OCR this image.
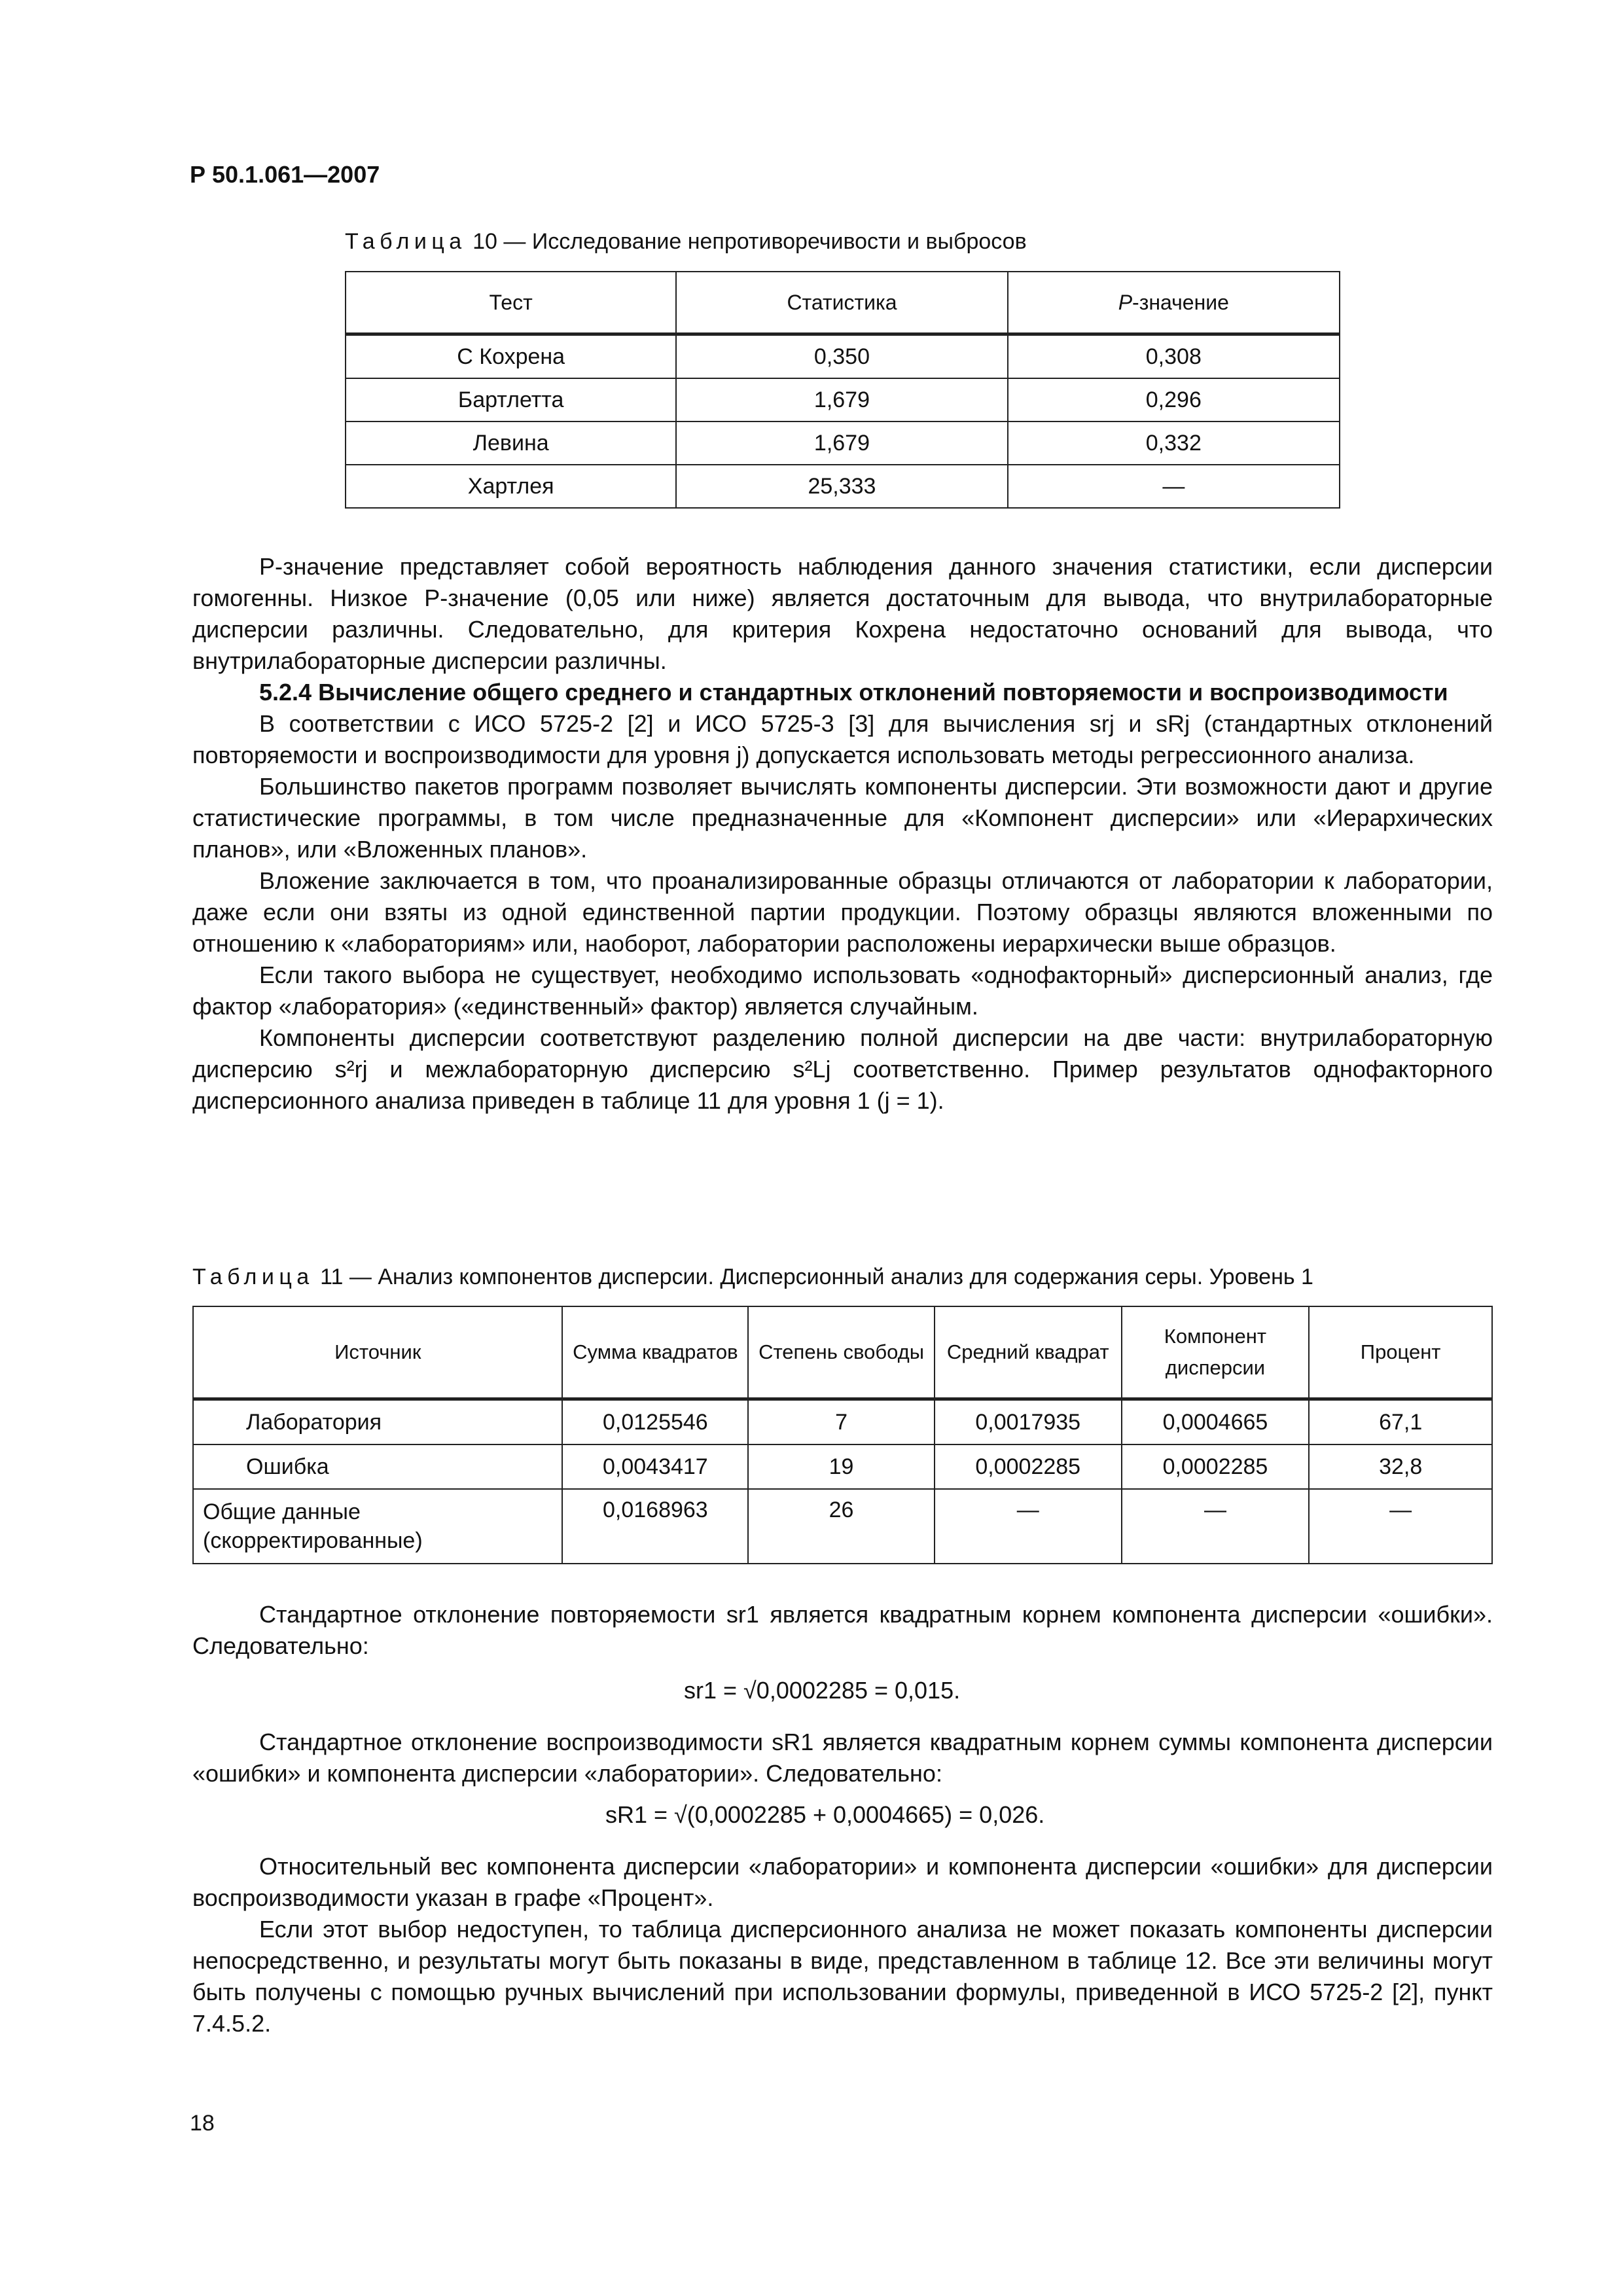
Р 50.1.061—2007
Таблица 10 — Исследование непротиворечивости и выбросов
Тест	Статистика	P-значение
С Кохрена	0,350	0,308
Бартлетта	1,679	0,296
Левина	1,679	0,332
Хартлея	25,333	—

P-значение представляет собой вероятность наблюдения данного значения статистики, если дисперсии гомогенны. Низкое P-значение (0,05 или ниже) является достаточным для вывода, что внутрилабораторные дисперсии различны. Следовательно, для критерия Кохрена недостаточно оснований для вывода, что внутрилабораторные дисперсии различны.

5.2.4 Вычисление общего среднего и стандартных отклонений повторяемости и воспроизводимости

В соответствии с ИСО 5725-2 [2] и ИСО 5725-3 [3] для вычисления srj и sRj (стандартных отклонений повторяемости и воспроизводимости для уровня j) допускается использовать методы регрессионного анализа.

Большинство пакетов программ позволяет вычислять компоненты дисперсии. Эти возможности дают и другие статистические программы, в том числе предназначенные для «Компонент дисперсии» или «Иерархических планов», или «Вложенных планов».

Вложение заключается в том, что проанализированные образцы отличаются от лаборатории к лаборатории, даже если они взяты из одной единственной партии продукции. Поэтому образцы являются вложенными по отношению к «лабораториям» или, наоборот, лаборатории расположены иерархически выше образцов.

Если такого выбора не существует, необходимо использовать «однофакторный» дисперсионный анализ, где фактор «лаборатория» («единственный» фактор) является случайным.

Компоненты дисперсии соответствуют разделению полной дисперсии на две части: внутрилабораторную дисперсию s²rj и межлабораторную дисперсию s²Lj соответственно. Пример результатов однофакторного дисперсионного анализа приведен в таблице 11 для уровня 1 (j = 1).

Таблица 11 — Анализ компонентов дисперсии. Дисперсионный анализ для содержания серы. Уровень 1
Источник	Сумма квадратов	Степень свободы	Средний квадрат	Компонент дисперсии	Процент
Лаборатория	0,0125546	7	0,0017935	0,0004665	67,1
Ошибка	0,0043417	19	0,0002285	0,0002285	32,8
Общие данные (скорректированные)	0,0168963	26	—	—	—

Стандартное отклонение повторяемости sr1 является квадратным корнем компонента дисперсии «ошибки». Следовательно:

sr1 = √0,0002285 = 0,015.

Стандартное отклонение воспроизводимости sR1 является квадратным корнем суммы компонента дисперсии «ошибки» и компонента дисперсии «лаборатории». Следовательно:

sR1 = √(0,0002285 + 0,0004665) = 0,026.

Относительный вес компонента дисперсии «лаборатории» и компонента дисперсии «ошибки» для дисперсии воспроизводимости указан в графе «Процент».

Если этот выбор недоступен, то таблица дисперсионного анализа не может показать компоненты дисперсии непосредственно, и результаты могут быть показаны в виде, представленном в таблице 12. Все эти величины могут быть получены с помощью ручных вычислений при использовании формулы, приведенной в ИСО 5725-2 [2], пункт 7.4.5.2.

18
